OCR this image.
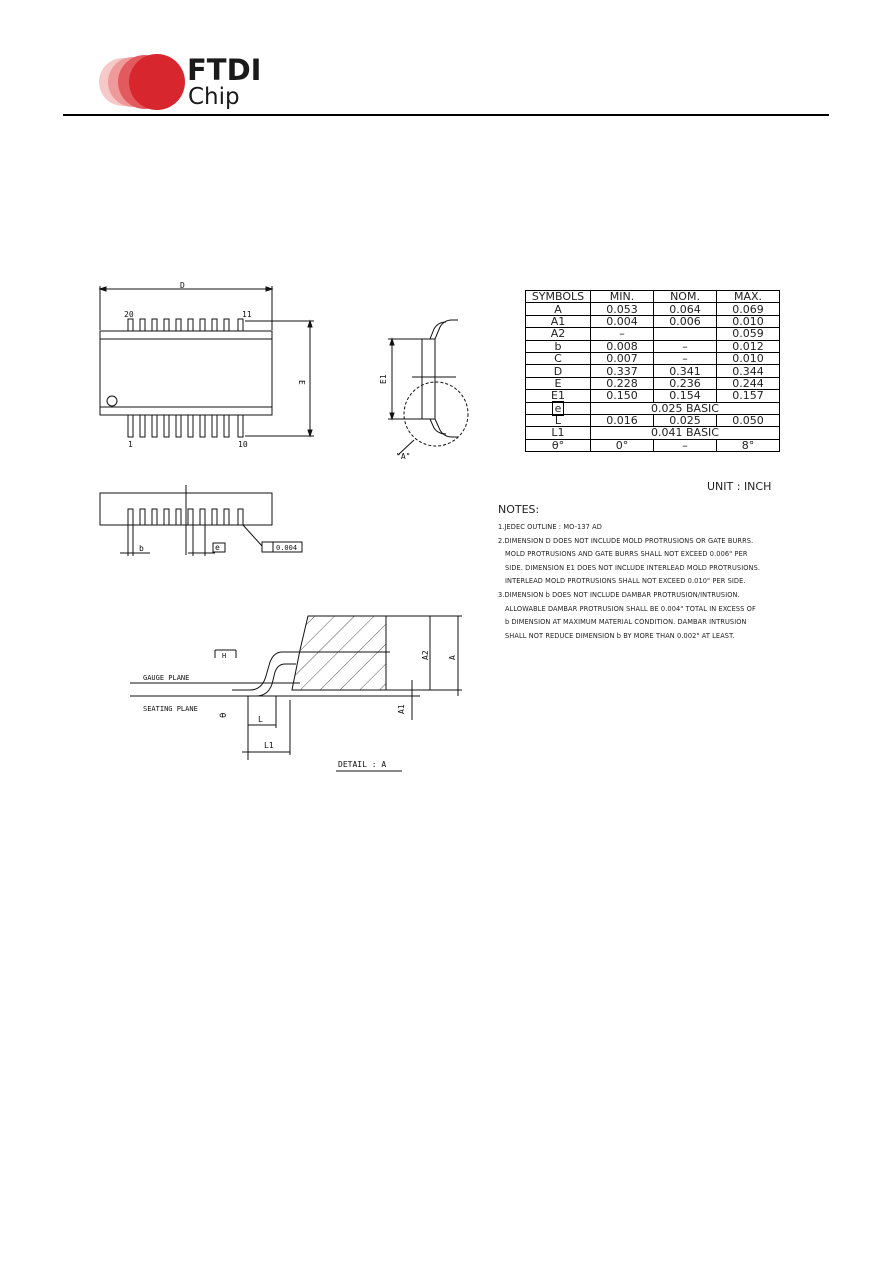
FTDI
Chip
D
E
20	11
1	10
E1
"A"
b	e	0.004
GAUGE PLANE
SEATING PLANE
H
θ	L
L1
A2 A
A1
DETAIL : A
SYMBOLS	MIN.	NOM.	MAX.
A	0.053	0.064	0.069
A1	0.004	0.006	0.010
A2	–		0.059
b	0.008	–	0.012
C	0.007	–	0.010
D	0.337	0.341	0.344
E	0.228	0.236	0.244
E1	0.150	0.154	0.157
e	0.025 BASIC		
L	0.016	0.025	0.050
L1	0.041 BASIC		
θ°	0°	–	8°
UNIT : INCH
NOTES:
1.JEDEC OUTLINE : MO-137 AD
2.DIMENSION D DOES NOT INCLUDE MOLD PROTRUSIONS OR GATE BURRS.
MOLD PROTRUSIONS AND GATE BURRS SHALL NOT EXCEED 0.006" PER
SIDE. DIMENSION E1 DOES NOT INCLUDE INTERLEAD MOLD PROTRUSIONS.
INTERLEAD MOLD PROTRUSIONS SHALL NOT EXCEED 0.010" PER SIDE.
3.DIMENSION b DOES NOT INCLUDE DAMBAR PROTRUSION/INTRUSION.
ALLOWABLE DAMBAR PROTRUSION SHALL BE 0.004" TOTAL IN EXCESS OF
b DIMENSION AT MAXIMUM MATERIAL CONDITION. DAMBAR INTRUSION
SHALL NOT REDUCE DIMENSION b BY MORE THAN 0.002" AT LEAST.
